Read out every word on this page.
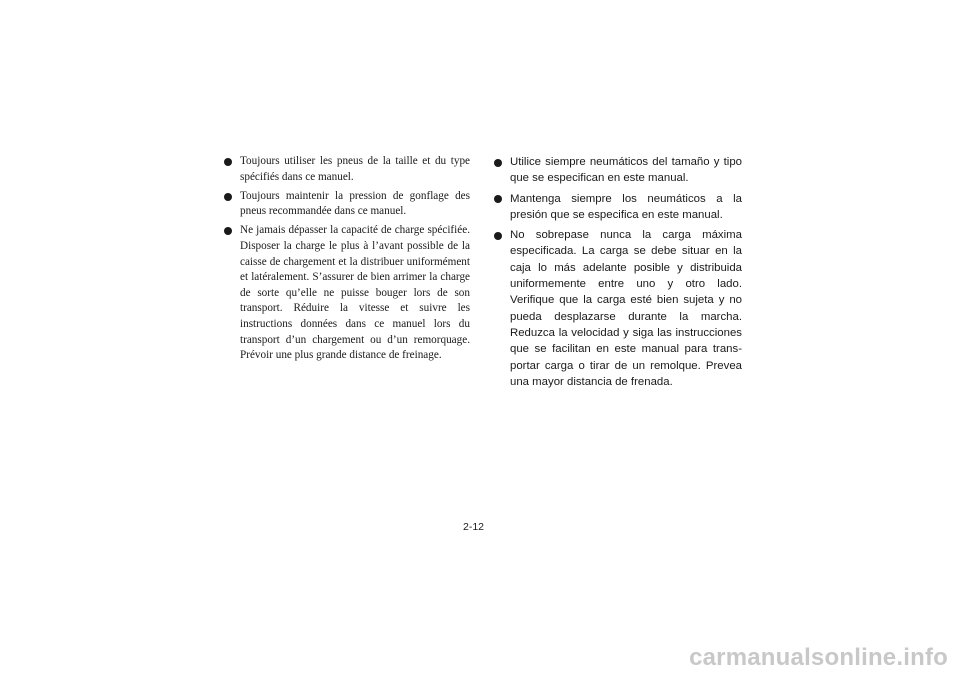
Toujours utiliser les pneus de la taille et du type spécifiés dans ce manuel.
Toujours maintenir la pression de gonflage des pneus recommandée dans ce manuel.
Ne jamais dépasser la capacité de charge spécifiée. Disposer la charge le plus à l’avant possible de la caisse de chargement et la distribuer uniformément et latéralement. S’assurer de bien arrimer la charge de sorte qu’elle ne puisse bouger lors de son transport. Réduire la vitesse et suivre les instructions données dans ce manuel lors du transport d’un chargement ou d’un remorquage. Prévoir une plus grande distance de freinage.
Utilice siempre neumáticos del tamaño y tipo que se especifican en este manual.
Mantenga siempre los neumáticos a la presión que se especifica en este manual.
No sobrepase nunca la carga máxima especificada. La carga se debe situar en la caja lo más adelante posible y distribuida uniformemente entre uno y otro lado. Verifique que la carga esté bien sujeta y no pueda desplazarse durante la marcha. Reduzca la velocidad y siga las instrucciones que se facilitan en este manual para transportar carga o tirar de un remolque. Prevea una mayor distancia de frenada.
2-12
carmanualsonline.info
